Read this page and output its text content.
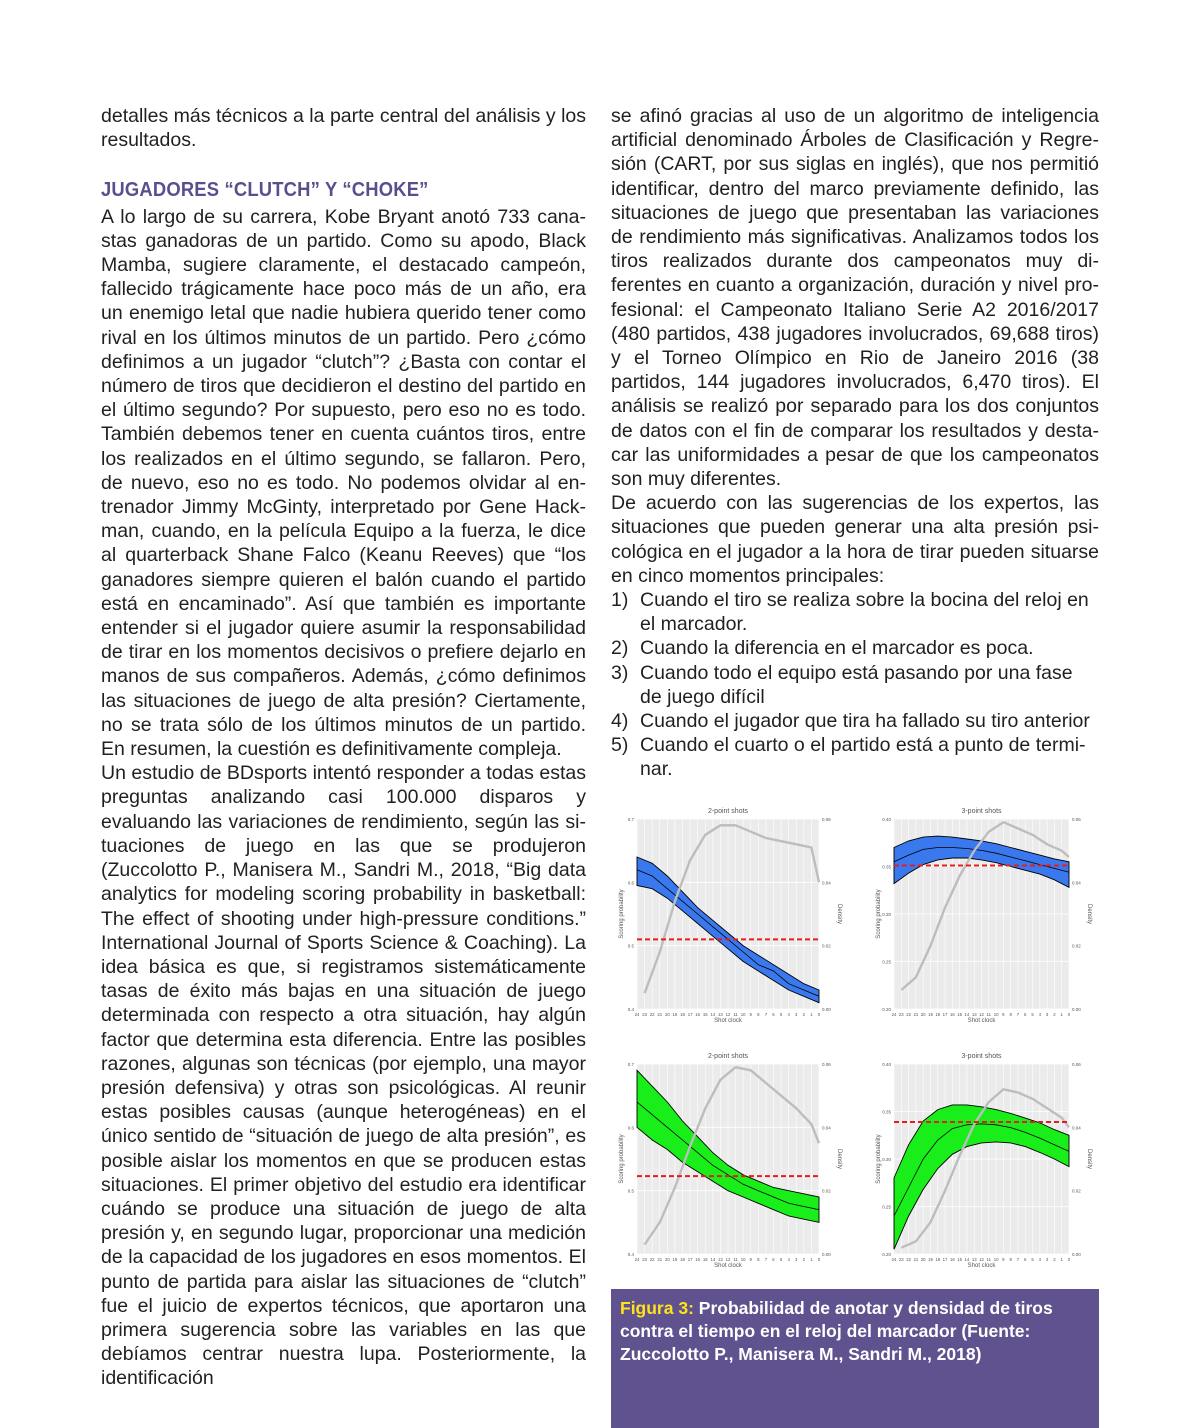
detalles más técnicos a la parte central del análisis y los resultados.

JUGADORES “CLUTCH” Y “CHOKE”

A lo largo de su carrera, Kobe Bryant anotó 733 canastas ganadoras de un partido. Como su apodo, Black Mamba, sugiere claramente, el destacado campeón, fallecido trágicamente hace poco más de un año, era un enemigo letal que nadie hubiera querido tener como rival en los últimos minutos de un partido. Pero ¿cómo definimos a un jugador “clutch”? ¿Basta con contar el número de tiros que decidieron el destino del partido en el último segundo? Por supuesto, pero eso no es todo. También debemos tener en cuenta cuántos tiros, entre los realizados en el último segundo, se fallaron. Pero, de nuevo, eso no es todo. No podemos olvidar al entrenador Jimmy McGinty, interpretado por Gene Hackman, cuando, en la película Equipo a la fuerza, le dice al quarterback Shane Falco (Keanu Reeves) que “los ganadores siempre quieren el balón cuando el partido está en encaminado”. Así que también es importante entender si el jugador quiere asumir la responsabilidad de tirar en los momentos decisivos o prefiere dejarlo en manos de sus compañeros. Además, ¿cómo definimos las situaciones de juego de alta presión? Ciertamente, no se trata sólo de los últimos minutos de un partido. En resumen, la cuestión es definitivamente compleja.

Un estudio de BDsports intentó responder a todas estas preguntas analizando casi 100.000 disparos y evaluando las variaciones de rendimiento, según las situaciones de juego en las que se produjeron (Zuccolotto P., Manisera M., Sandri M., 2018, “Big data analytics for modeling scoring probability in basketball: The effect of shooting under high-pressure conditions.” International Journal of Sports Science & Coaching). La idea básica es que, si registramos sistemáticamente tasas de éxito más bajas en una situación de juego determinada con respecto a otra situación, hay algún factor que determina esta diferencia. Entre las posibles razones, algunas son técnicas (por ejemplo, una mayor presión defensiva) y otras son psicológicas. Al reunir estas posibles causas (aunque heterogéneas) en el único sentido de “situación de juego de alta presión”, es posible aislar los momentos en que se producen estas situaciones. El primer objetivo del estudio era identificar cuándo se produce una situación de juego de alta presión y, en segundo lugar, proporcionar una medición de la capacidad de los jugadores en esos momentos. El punto de partida para aislar las situaciones de “clutch” fue el juicio de expertos técnicos, que aportaron una primera sugerencia sobre las variables en las que debíamos centrar nuestra lupa. Posteriormente, la identificación

se afinó gracias al uso de un algoritmo de inteligencia artificial denominado Árboles de Clasificación y Regresión (CART, por sus siglas en inglés), que nos permitió identificar, dentro del marco previamente definido, las situaciones de juego que presentaban las variaciones de rendimiento más significativas. Analizamos todos los tiros realizados durante dos campeonatos muy diferentes en cuanto a organización, duración y nivel profesional: el Campeonato Italiano Serie A2 2016/2017 (480 partidos, 438 jugadores involucrados, 69,688 tiros) y el Torneo Olímpico en Rio de Janeiro 2016 (38 partidos, 144 jugadores involucrados, 6,470 tiros). El análisis se realizó por separado para los dos conjuntos de datos con el fin de comparar los resultados y destacar las uniformidades a pesar de que los campeonatos son muy diferentes.

De acuerdo con las sugerencias de los expertos, las situaciones que pueden generar una alta presión psicológica en el jugador a la hora de tirar pueden situarse en cinco momentos principales:

1) Cuando el tiro se realiza sobre la bocina del reloj en el marcador.
2) Cuando la diferencia en el marcador es poca.
3) Cuando todo el equipo está pasando por una fase de juego difícil
4) Cuando el jugador que tira ha fallado su tiro anterior
5) Cuando el cuarto o el partido está a punto de terminar.
2-point shots
0.4
0.5
0.6
0.7
0.00
0.02
0.04
0.06
24 23 22 21 20 19 18 17 16 15 14 13 12 11 10 9 8 7 6 5 4 3 2 1 0
Shot clock
Scoring probability	Density
3-point shots
0.20
0.25
0.30
0.35
0.40
0.00
0.02
0.04
0.06
24 23 22 21 20 19 18 17 16 15 14 13 12 11 10 9 8 7 6 5 4 3 2 1 0
Shot clock
Scoring probability	Density
2-point shots
0.4
0.5
0.6
0.7
0.00
0.02
0.04
0.06
24 23 22 21 20 19 18 17 16 15 14 13 12 11 10 9 8 7 6 5 4 3 2 1 0
Shot clock
Scoring probability	Density
3-point shots
0.20
0.25
0.30
0.35
0.40
0.00
0.02
0.04
0.06
24 23 22 21 20 19 18 17 16 15 14 13 12 11 10 9 8 7 6 5 4 3 2 1 0
Shot clock
Scoring probability	Density
Figura 3: Probabilidad de anotar y densidad de tiros contra el tiempo en el reloj del marcador (Fuente: Zuccolotto P., Manisera M., Sandri M., 2018)
